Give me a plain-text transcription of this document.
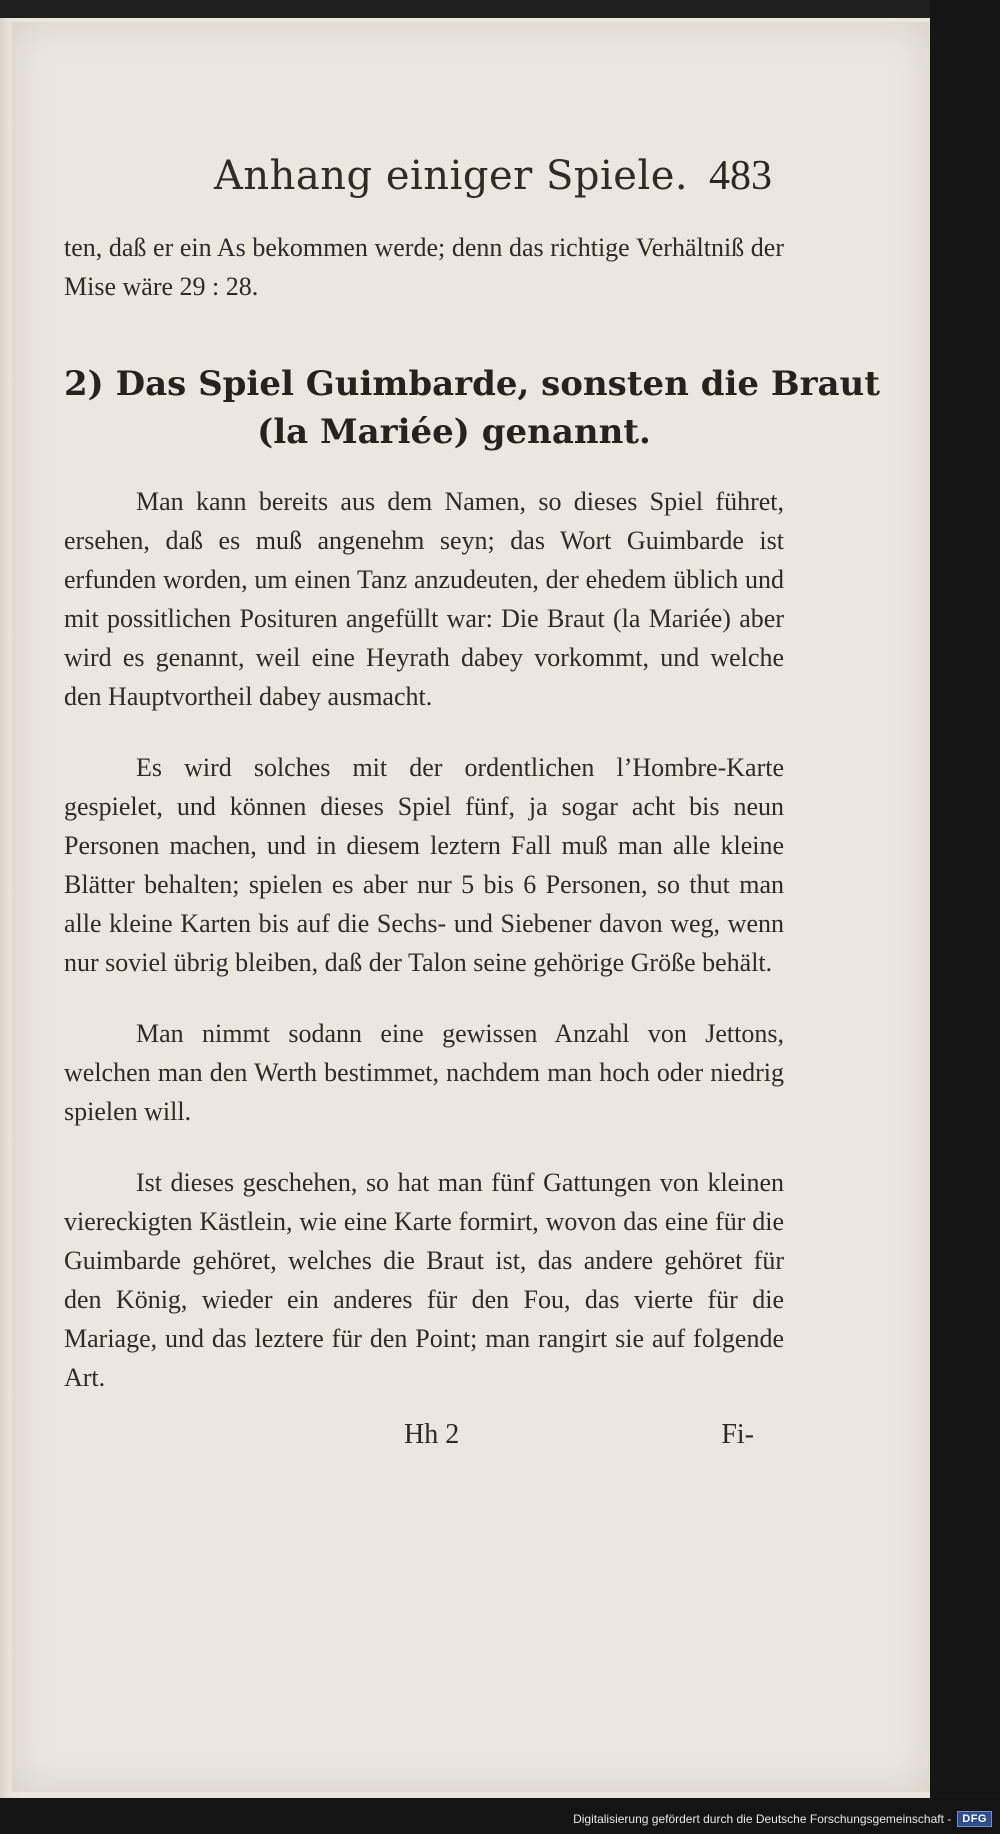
Anhang einiger Spiele. 483

ten, daß er ein As bekommen werde; denn das richtige Verhältniß der Mise wäre 29 : 28.

2) Das Spiel Guimbarde, sonsten die Braut
(la Mariée) genannt.

Man kann bereits aus dem Namen, so dieses Spiel führet, ersehen, daß es muß angenehm seyn; das Wort Guimbarde ist erfunden worden, um einen Tanz anzudeuten, der ehedem üblich und mit possitlichen Posituren angefüllt war: Die Braut (la Mariée) aber wird es genannt, weil eine Heyrath dabey vorkommt, und welche den Hauptvortheil dabey ausmacht.

Es wird solches mit der ordentlichen l’Hombre-Karte gespielet, und können dieses Spiel fünf, ja sogar acht bis neun Personen machen, und in diesem leztern Fall muß man alle kleine Blätter behalten; spielen es aber nur 5 bis 6 Personen, so thut man alle kleine Karten bis auf die Sechs- und Siebener davon weg, wenn nur soviel übrig bleiben, daß der Talon seine gehörige Größe behält.

Man nimmt sodann eine gewissen Anzahl von Jettons, welchen man den Werth bestimmet, nachdem man hoch oder niedrig spielen will.

Ist dieses geschehen, so hat man fünf Gattungen von kleinen viereckigten Kästlein, wie eine Karte formirt, wovon das eine für die Guimbarde gehöret, welches die Braut ist, das andere gehöret für den König, wieder ein anderes für den Fou, das vierte für die Mariage, und das leztere für den Point; man rangirt sie auf folgende Art.

Hh 2	Fi-
Digitalisierung gefördert durch die Deutsche Forschungsgemeinschaft -	DFG
